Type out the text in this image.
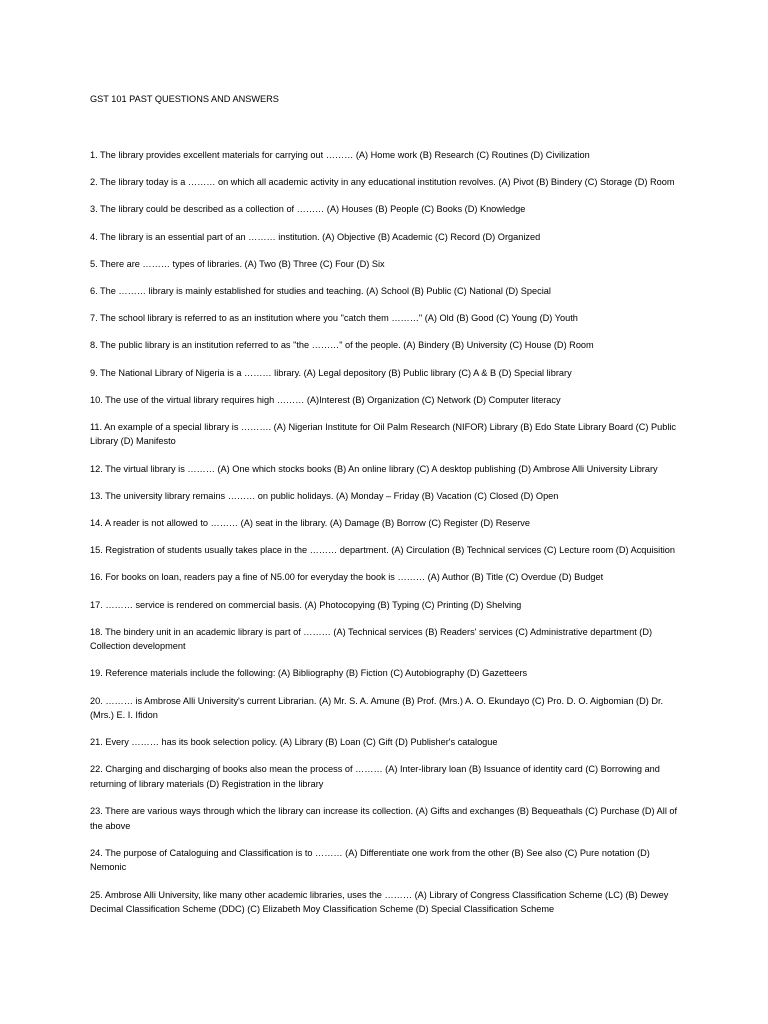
GST 101 PAST QUESTIONS AND ANSWERS
1. The library provides excellent materials for carrying out ……… (A) Home work (B) Research (C) Routines (D) Civilization
2. The library today is a ……… on which all academic activity in any educational institution revolves. (A) Pivot (B) Bindery (C) Storage (D) Room
3. The library could be described as a collection of ……… (A) Houses (B) People (C) Books (D) Knowledge
4. The library is an essential part of an ……… institution. (A) Objective (B) Academic (C) Record (D) Organized
5. There are ……… types of libraries. (A) Two (B) Three (C) Four (D) Six
6. The ……… library is mainly established for studies and teaching. (A) School (B) Public (C) National (D) Special
7. The school library is referred to as an institution where you "catch them ………" (A) Old (B) Good (C) Young (D) Youth
8. The public library is an institution referred to as "the ………" of the people. (A) Bindery (B) University (C) House (D) Room
9. The National Library of Nigeria is a ……… library. (A) Legal depository (B) Public library (C) A & B (D) Special library
10. The use of the virtual library requires high ……… (A)Interest (B) Organization (C) Network (D) Computer literacy
11. An example of a special library is ………. (A) Nigerian Institute for Oil Palm Research (NIFOR) Library (B) Edo State Library Board (C) Public Library (D) Manifesto
12. The virtual library is ……… (A) One which stocks books (B) An online library (C) A desktop publishing (D) Ambrose Alli University Library
13. The university library remains ……… on public holidays. (A) Monday – Friday (B) Vacation (C) Closed (D) Open
14. A reader is not allowed to ……… (A) seat in the library. (A) Damage (B) Borrow (C) Register (D) Reserve
15. Registration of students usually takes place in the ……… department. (A) Circulation (B) Technical services (C) Lecture room (D) Acquisition
16. For books on loan, readers pay a fine of N5.00 for everyday the book is ……… (A) Author (B) Title (C) Overdue (D) Budget
17. ……… service is rendered on commercial basis. (A) Photocopying (B) Typing (C) Printing (D) Shelving
18. The bindery unit in an academic library is part of ……… (A) Technical services (B) Readers' services (C) Administrative department (D) Collection development
19. Reference materials include the following: (A) Bibliography (B) Fiction (C) Autobiography (D) Gazetteers
20. ……… is Ambrose Alli University's current Librarian. (A) Mr. S. A. Amune (B) Prof. (Mrs.) A. O. Ekundayo (C) Pro. D. O. Aigbomian (D) Dr. (Mrs.) E. I. Ifidon
21. Every ……… has its book selection policy. (A) Library (B) Loan (C) Gift (D) Publisher's catalogue
22. Charging and discharging of books also mean the process of ……… (A) Inter-library loan (B) Issuance of identity card (C) Borrowing and returning of library materials (D) Registration in the library
23. There are various ways through which the library can increase its collection. (A) Gifts and exchanges (B) Bequeathals (C) Purchase (D) All of the above
24. The purpose of Cataloguing and Classification is to ……… (A) Differentiate one work from the other (B) See also (C) Pure notation (D) Nemonic
25. Ambrose Alli University, like many other academic libraries, uses the ……… (A) Library of Congress Classification Scheme (LC) (B) Dewey Decimal Classification Scheme (DDC) (C) Elizabeth Moy Classification Scheme (D) Special Classification Scheme
